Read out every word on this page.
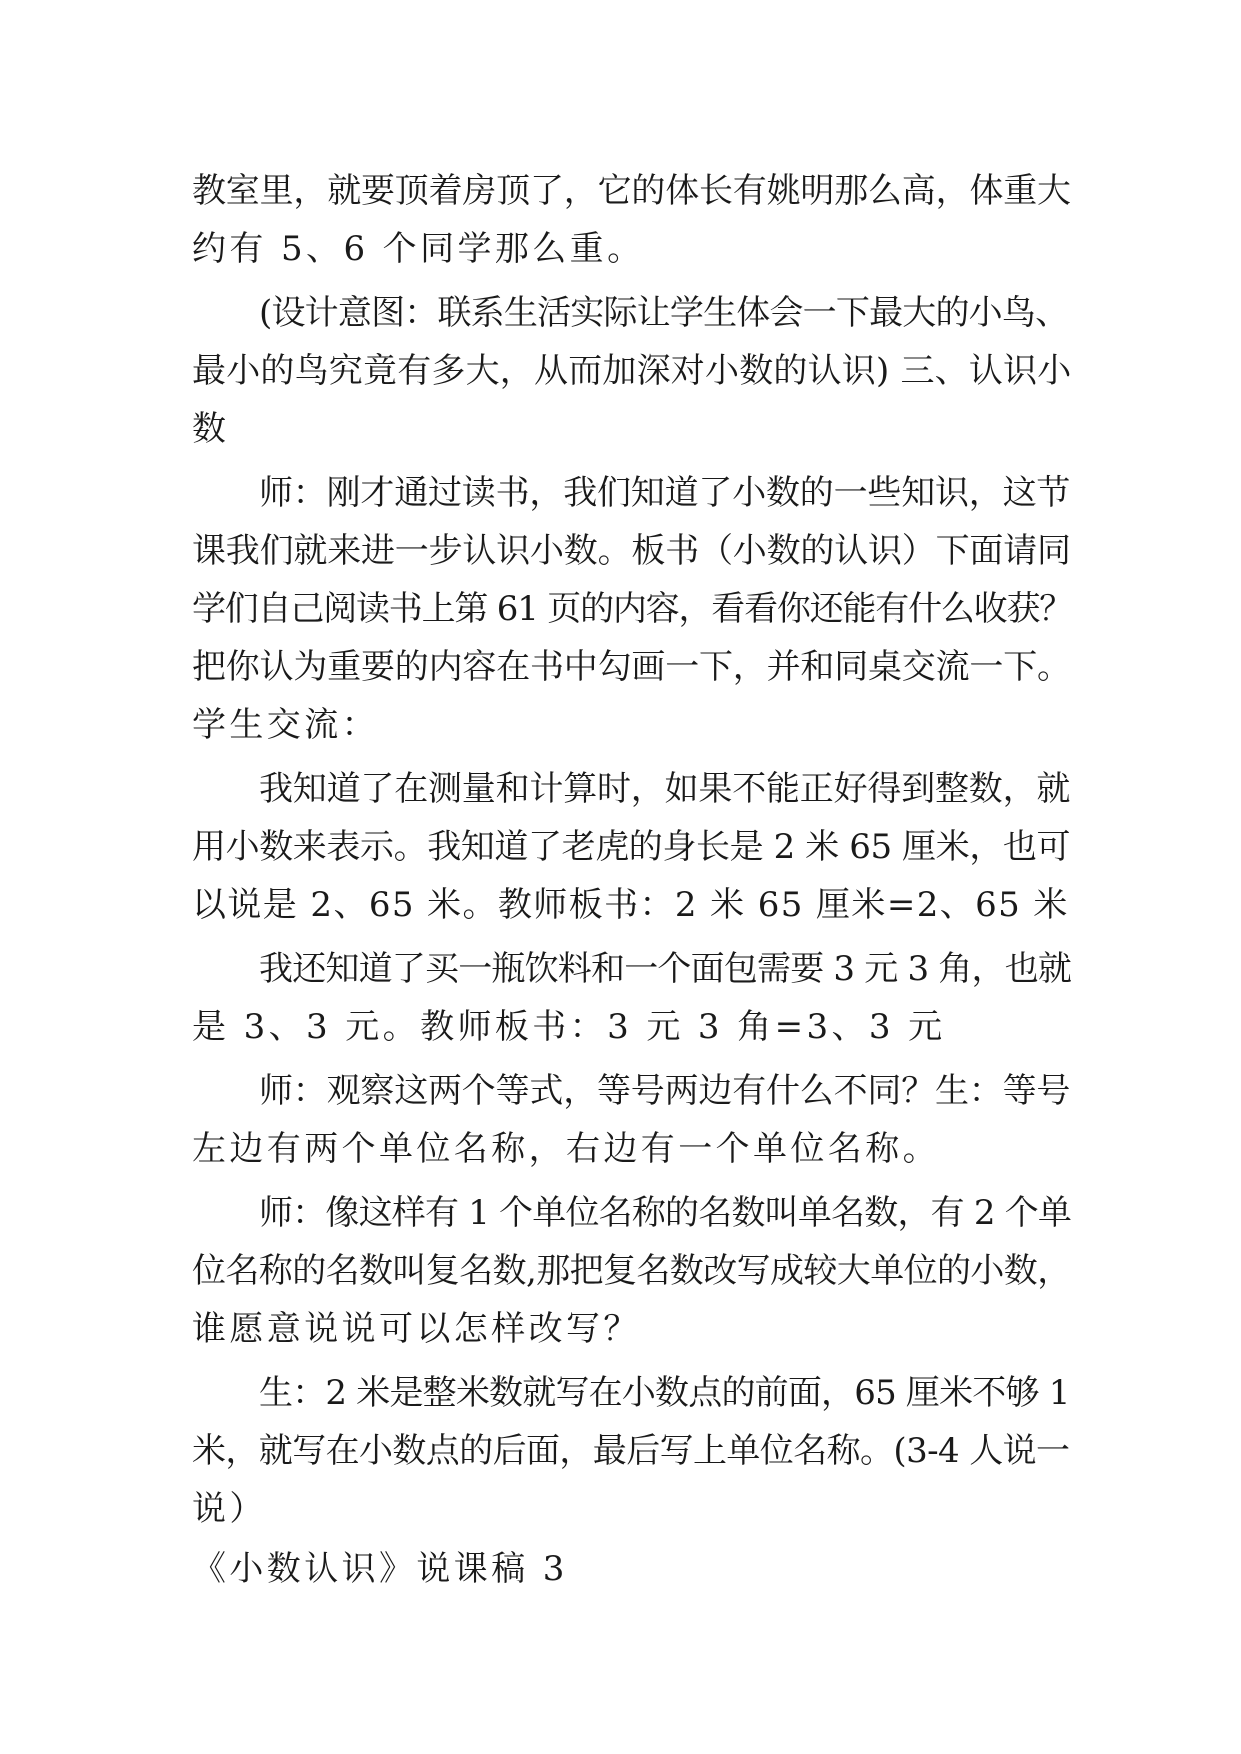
教室里，就要顶着房顶了，它的体长有姚明那么高，体重大
约有 5、6 个同学那么重。
(设计意图：联系生活实际让学生体会一下最大的小鸟、
最小的鸟究竟有多大，从而加深对小数的认识) 三、认识小
数
师：刚才通过读书，我们知道了小数的一些知识，这节
课我们就来进一步认识小数。板书（小数的认识）下面请同
学们自己阅读书上第 61 页的内容，看看你还能有什么收获？
把你认为重要的内容在书中勾画一下，并和同桌交流一下。
学生交流：
我知道了在测量和计算时，如果不能正好得到整数，就
用小数来表示。我知道了老虎的身长是 2 米 65 厘米，也可
以说是 2、65 米。教师板书：2 米 65 厘米=2、65 米
我还知道了买一瓶饮料和一个面包需要 3 元 3 角，也就
是 3、3 元。教师板书：3 元 3 角=3、3 元
师：观察这两个等式，等号两边有什么不同？生：等号
左边有两个单位名称，右边有一个单位名称。
师：像这样有 1 个单位名称的名数叫单名数，有 2 个单
位名称的名数叫复名数,那把复名数改写成较大单位的小数，
谁愿意说说可以怎样改写？
生：2 米是整米数就写在小数点的前面，65 厘米不够 1
米，就写在小数点的后面，最后写上单位名称。(3-4 人说一
说）
《小数认识》说课稿 3
